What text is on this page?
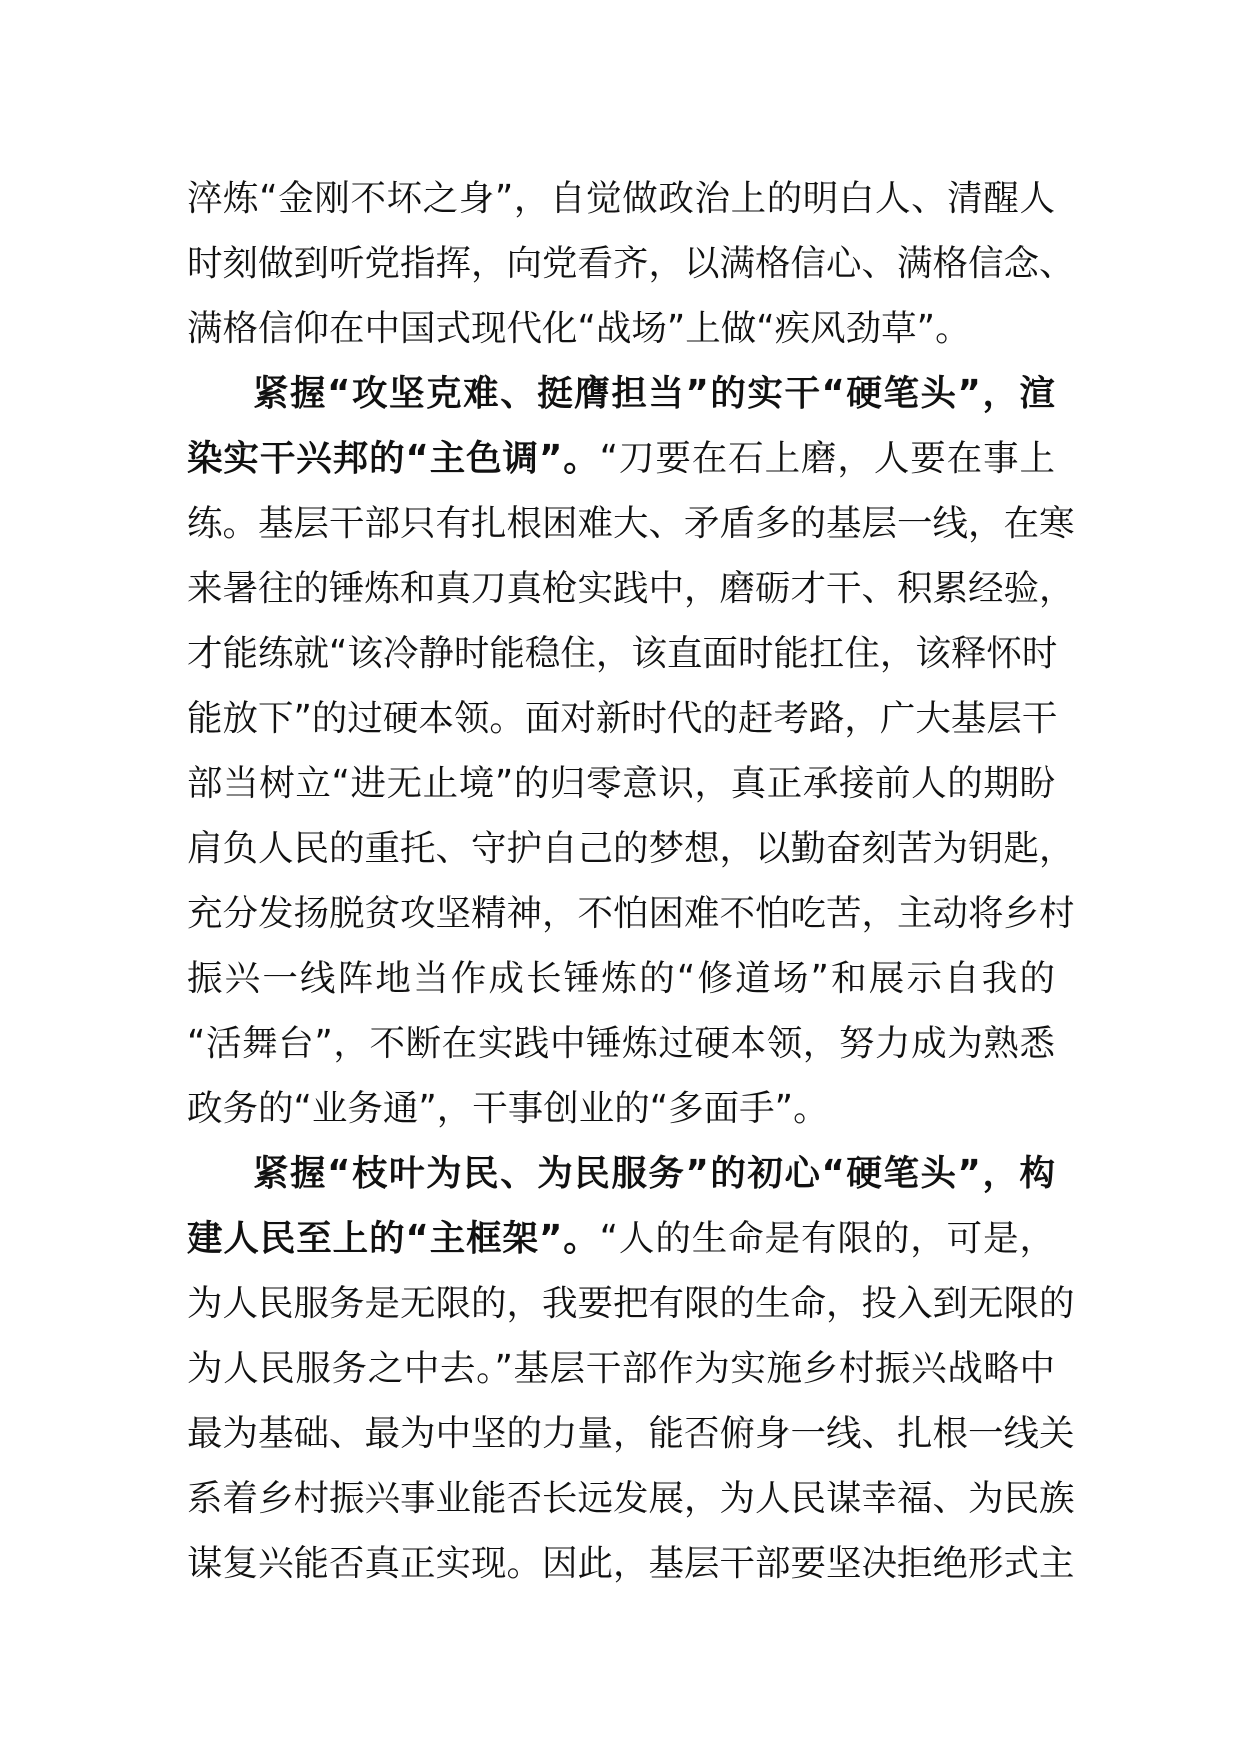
淬炼“金刚不坏之身”，自觉做政治上的明白人、清醒人
时刻做到听党指挥，向党看齐，以满格信心、满格信念、
满格信仰在中国式现代化“战场”上做“疾风劲草”。
紧握“攻坚克难、挺膺担当”的实干“硬笔头”，渲
染实干兴邦的“主色调”。“刀要在石上磨，人要在事上
练。基层干部只有扎根困难大、矛盾多的基层一线，在寒
来暑往的锤炼和真刀真枪实践中，磨砺才干、积累经验，
才能练就“该冷静时能稳住，该直面时能扛住，该释怀时
能放下”的过硬本领。面对新时代的赶考路，广大基层干
部当树立“进无止境”的归零意识，真正承接前人的期盼
肩负人民的重托、守护自己的梦想，以勤奋刻苦为钥匙，
充分发扬脱贫攻坚精神，不怕困难不怕吃苦，主动将乡村
振兴一线阵地当作成长锤炼的“修道场”和展示自我的
“活舞台”，不断在实践中锤炼过硬本领，努力成为熟悉
政务的“业务通”，干事创业的“多面手”。
紧握“枝叶为民、为民服务”的初心“硬笔头”，构
建人民至上的“主框架”。“人的生命是有限的，可是，
为人民服务是无限的，我要把有限的生命，投入到无限的
为人民服务之中去。”基层干部作为实施乡村振兴战略中
最为基础、最为中坚的力量，能否俯身一线、扎根一线关
系着乡村振兴事业能否长远发展，为人民谋幸福、为民族
谋复兴能否真正实现。因此，基层干部要坚决拒绝形式主
